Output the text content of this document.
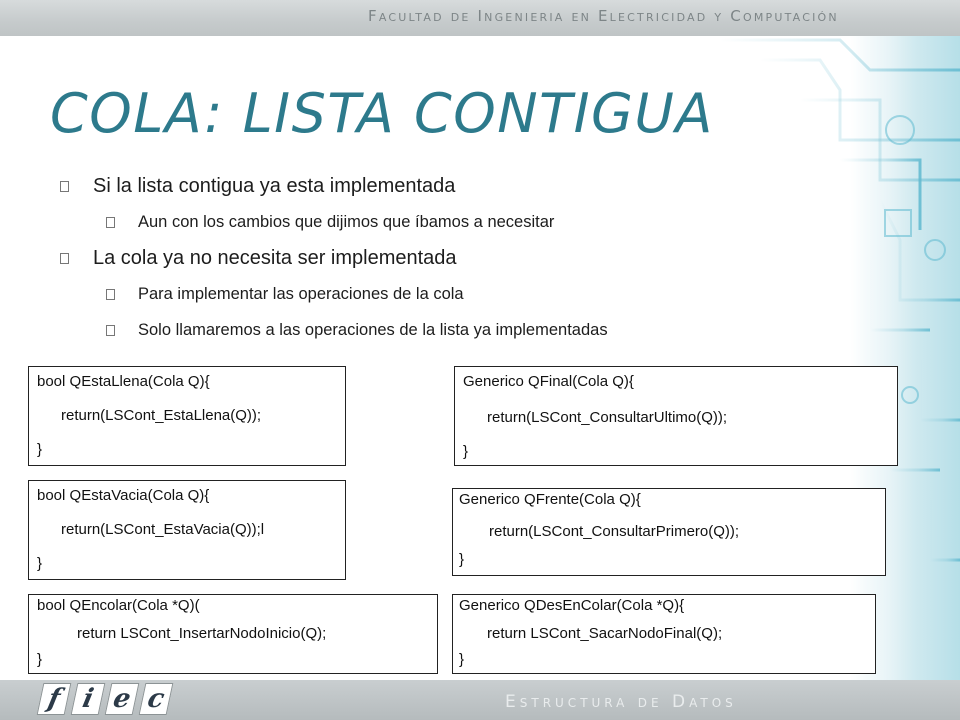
Facultad de Ingenieria en Electricidad y Computación
COLA: LISTA CONTIGUA
Si la lista contigua ya esta implementada
Aun con los cambios que dijimos que íbamos a necesitar
La cola ya no necesita ser implementada
Para implementar las operaciones de la cola
Solo llamaremos a las operaciones de la lista ya implementadas
bool QEstaLlena(Cola Q){
return(LSCont_EstaLlena(Q));
}
Generico QFinal(Cola Q){
return(LSCont_ConsultarUltimo(Q));
}
bool QEstaVacia(Cola Q){
return(LSCont_EstaVacia(Q));l
}
Generico QFrente(Cola Q){
return(LSCont_ConsultarPrimero(Q));
}
bool QEncolar(Cola *Q)(
return LSCont_InsertarNodoInicio(Q);
}
Generico QDesEnColar(Cola *Q){
return LSCont_SacarNodoFinal(Q);
}
f i e c	Estructura de Datos
